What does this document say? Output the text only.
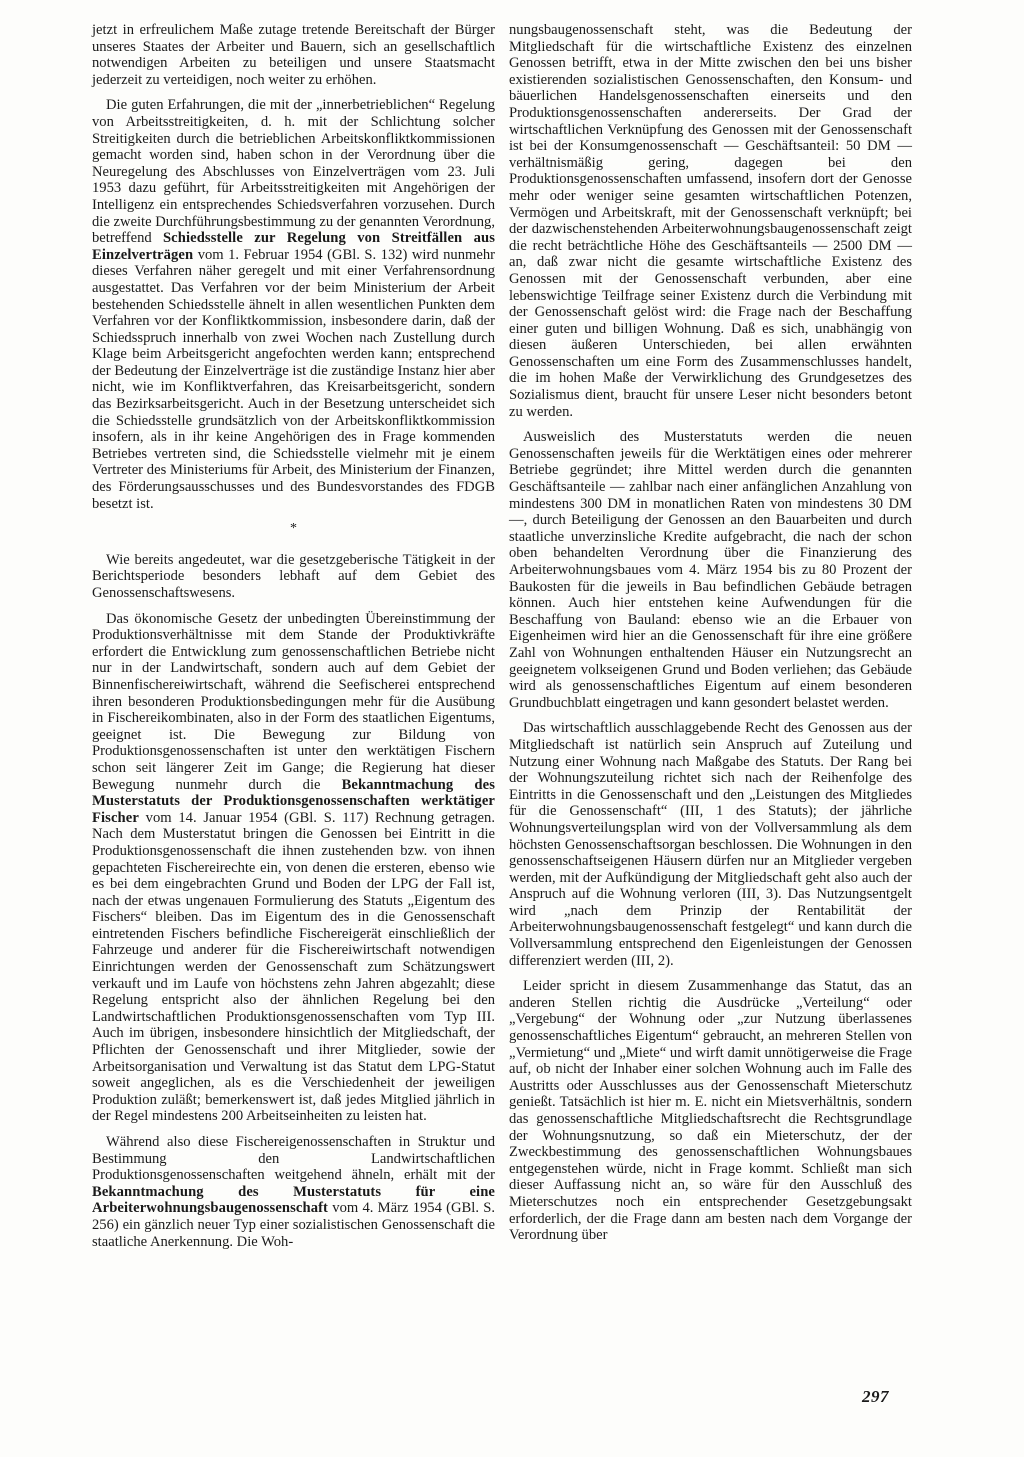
jetzt in erfreulichem Maße zutage tretende Bereitschaft der Bürger unseres Staates der Arbeiter und Bauern, sich an gesellschaftlich notwendigen Arbeiten zu beteiligen und unsere Staatsmacht jederzeit zu verteidigen, noch weiter zu erhöhen.

Die guten Erfahrungen, die mit der „innerbetrieblichen“ Regelung von Arbeitsstreitigkeiten, d. h. mit der Schlichtung solcher Streitigkeiten durch die betrieblichen Arbeitskonfliktkommissionen gemacht worden sind, haben schon in der Verordnung über die Neuregelung des Abschlusses von Einzelverträgen vom 23. Juli 1953 dazu geführt, für Arbeitsstreitigkeiten mit Angehörigen der Intelligenz ein entsprechendes Schiedsverfahren vorzusehen. Durch die zweite Durchführungsbestimmung zu der genannten Verordnung, betreffend Schiedsstelle zur Regelung von Streitfällen aus Einzelverträgen vom 1. Februar 1954 (GBl. S. 132) wird nunmehr dieses Verfahren näher geregelt und mit einer Verfahrensordnung ausgestattet. Das Verfahren vor der beim Ministerium der Arbeit bestehenden Schiedsstelle ähnelt in allen wesentlichen Punkten dem Verfahren vor der Konfliktkommission, insbesondere darin, daß der Schiedsspruch innerhalb von zwei Wochen nach Zustellung durch Klage beim Arbeitsgericht angefochten werden kann; entsprechend der Bedeutung der Einzelverträge ist die zuständige Instanz hier aber nicht, wie im Konfliktverfahren, das Kreisarbeitsgericht, sondern das Bezirksarbeitsgericht. Auch in der Besetzung unterscheidet sich die Schiedsstelle grundsätzlich von der Arbeitskonfliktkommission insofern, als in ihr keine Angehörigen des in Frage kommenden Betriebes vertreten sind, die Schiedsstelle vielmehr mit je einem Vertreter des Ministeriums für Arbeit, des Ministerium der Finanzen, des Förderungsausschusses und des Bundesvorstandes des FDGB besetzt ist.

*

Wie bereits angedeutet, war die gesetzgeberische Tätigkeit in der Berichtsperiode besonders lebhaft auf dem Gebiet des Genossenschaftswesens.

Das ökonomische Gesetz der unbedingten Übereinstimmung der Produktionsverhältnisse mit dem Stande der Produktivkräfte erfordert die Entwicklung zum genossenschaftlichen Betriebe nicht nur in der Landwirtschaft, sondern auch auf dem Gebiet der Binnenfischereiwirtschaft, während die Seefischerei entsprechend ihren besonderen Produktionsbedingungen mehr für die Ausübung in Fischereikombinaten, also in der Form des staatlichen Eigentums, geeignet ist. Die Bewegung zur Bildung von Produktionsgenossenschaften ist unter den werktätigen Fischern schon seit längerer Zeit im Gange; die Regierung hat dieser Bewegung nunmehr durch die Bekanntmachung des Musterstatuts der Produktionsgenossenschaften werktätiger Fischer vom 14. Januar 1954 (GBl. S. 117) Rechnung getragen. Nach dem Musterstatut bringen die Genossen bei Eintritt in die Produktionsgenossenschaft die ihnen zustehenden bzw. von ihnen gepachteten Fischereirechte ein, von denen die ersteren, ebenso wie es bei dem eingebrachten Grund und Boden der LPG der Fall ist, nach der etwas ungenauen Formulierung des Statuts „Eigentum des Fischers“ bleiben. Das im Eigentum des in die Genossenschaft eintretenden Fischers befindliche Fischereigerät einschließlich der Fahrzeuge und anderer für die Fischereiwirtschaft notwendigen Einrichtungen werden der Genossenschaft zum Schätzungswert verkauft und im Laufe von höchstens zehn Jahren abgezahlt; diese Regelung entspricht also der ähnlichen Regelung bei den Landwirtschaftlichen Produktionsgenossenschaften vom Typ III. Auch im übrigen, insbesondere hinsichtlich der Mitgliedschaft, der Pflichten der Genossenschaft und ihrer Mitglieder, sowie der Arbeitsorganisation und Verwaltung ist das Statut dem LPG-Statut soweit angeglichen, als es die Verschiedenheit der jeweiligen Produktion zuläßt; bemerkenswert ist, daß jedes Mitglied jährlich in der Regel mindestens 200 Arbeitseinheiten zu leisten hat.

Während also diese Fischereigenossenschaften in Struktur und Bestimmung den Landwirtschaftlichen Produktionsgenossenschaften weitgehend ähneln, erhält mit der Bekanntmachung des Musterstatuts für eine Arbeiterwohnungsbaugenossenschaft vom 4. März 1954 (GBl. S. 256) ein gänzlich neuer Typ einer sozialistischen Genossenschaft die staatliche Anerkennung. Die Woh-

nungsbaugenossenschaft steht, was die Bedeutung der Mitgliedschaft für die wirtschaftliche Existenz des einzelnen Genossen betrifft, etwa in der Mitte zwischen den bei uns bisher existierenden sozialistischen Genossenschaften, den Konsum- und bäuerlichen Handelsgenossenschaften einerseits und den Produktionsgenossenschaften andererseits. Der Grad der wirtschaftlichen Verknüpfung des Genossen mit der Genossenschaft ist bei der Konsumgenossenschaft — Geschäftsanteil: 50 DM — verhältnismäßig gering, dagegen bei den Produktionsgenossenschaften umfassend, insofern dort der Genosse mehr oder weniger seine gesamten wirtschaftlichen Potenzen, Vermögen und Arbeitskraft, mit der Genossenschaft verknüpft; bei der dazwischenstehenden Arbeiterwohnungsbaugenossenschaft zeigt die recht beträchtliche Höhe des Geschäftsanteils — 2500 DM — an, daß zwar nicht die gesamte wirtschaftliche Existenz des Genossen mit der Genossenschaft verbunden, aber eine lebenswichtige Teilfrage seiner Existenz durch die Verbindung mit der Genossenschaft gelöst wird: die Frage nach der Beschaffung einer guten und billigen Wohnung. Daß es sich, unabhängig von diesen äußeren Unterschieden, bei allen erwähnten Genossenschaften um eine Form des Zusammenschlusses handelt, die im hohen Maße der Verwirklichung des Grundgesetzes des Sozialismus dient, braucht für unsere Leser nicht besonders betont zu werden.

Ausweislich des Musterstatuts werden die neuen Genossenschaften jeweils für die Werktätigen eines oder mehrerer Betriebe gegründet; ihre Mittel werden durch die genannten Geschäftsanteile — zahlbar nach einer anfänglichen Anzahlung von mindestens 300 DM in monatlichen Raten von mindestens 30 DM—, durch Beteiligung der Genossen an den Bauarbeiten und durch staatliche unverzinsliche Kredite aufgebracht, die nach der schon oben behandelten Verordnung über die Finanzierung des Arbeiterwohnungsbaues vom 4. März 1954 bis zu 80 Prozent der Baukosten für die jeweils in Bau befindlichen Gebäude betragen können. Auch hier entstehen keine Aufwendungen für die Beschaffung von Bauland: ebenso wie an die Erbauer von Eigenheimen wird hier an die Genossenschaft für ihre eine größere Zahl von Wohnungen enthaltenden Häuser ein Nutzungsrecht an geeignetem volkseigenen Grund und Boden verliehen; das Gebäude wird als genossenschaftliches Eigentum auf einem besonderen Grundbuchblatt eingetragen und kann gesondert belastet werden.

Das wirtschaftlich ausschlaggebende Recht des Genossen aus der Mitgliedschaft ist natürlich sein Anspruch auf Zuteilung und Nutzung einer Wohnung nach Maßgabe des Statuts. Der Rang bei der Wohnungszuteilung richtet sich nach der Reihenfolge des Eintritts in die Genossenschaft und den „Leistungen des Mitgliedes für die Genossenschaft“ (III, 1 des Statuts); der jährliche Wohnungsverteilungsplan wird von der Vollversammlung als dem höchsten Genossenschaftsorgan beschlossen. Die Wohnungen in den genossenschaftseigenen Häusern dürfen nur an Mitglieder vergeben werden, mit der Aufkündigung der Mitgliedschaft geht also auch der Anspruch auf die Wohnung verloren (III, 3). Das Nutzungsentgelt wird „nach dem Prinzip der Rentabilität der Arbeiterwohnungsbaugenossenschaft festgelegt“ und kann durch die Vollversammlung entsprechend den Eigenleistungen der Genossen differenziert werden (III, 2).

Leider spricht in diesem Zusammenhange das Statut, das an anderen Stellen richtig die Ausdrücke „Verteilung“ oder „Vergebung“ der Wohnung oder „zur Nutzung überlassenes genossenschaftliches Eigentum“ gebraucht, an mehreren Stellen von „Vermietung“ und „Miete“ und wirft damit unnötigerweise die Frage auf, ob nicht der Inhaber einer solchen Wohnung auch im Falle des Austritts oder Ausschlusses aus der Genossenschaft Mieterschutz genießt. Tatsächlich ist hier m. E. nicht ein Mietsverhältnis, sondern das genossenschaftliche Mitgliedschaftsrecht die Rechtsgrundlage der Wohnungsnutzung, so daß ein Mieterschutz, der der Zweckbestimmung des genossenschaftlichen Wohnungsbaues entgegenstehen würde, nicht in Frage kommt. Schließt man sich dieser Auffassung nicht an, so wäre für den Ausschluß des Mieterschutzes noch ein entsprechender Gesetzgebungsakt erforderlich, der die Frage dann am besten nach dem Vorgange der Verordnung über

297
